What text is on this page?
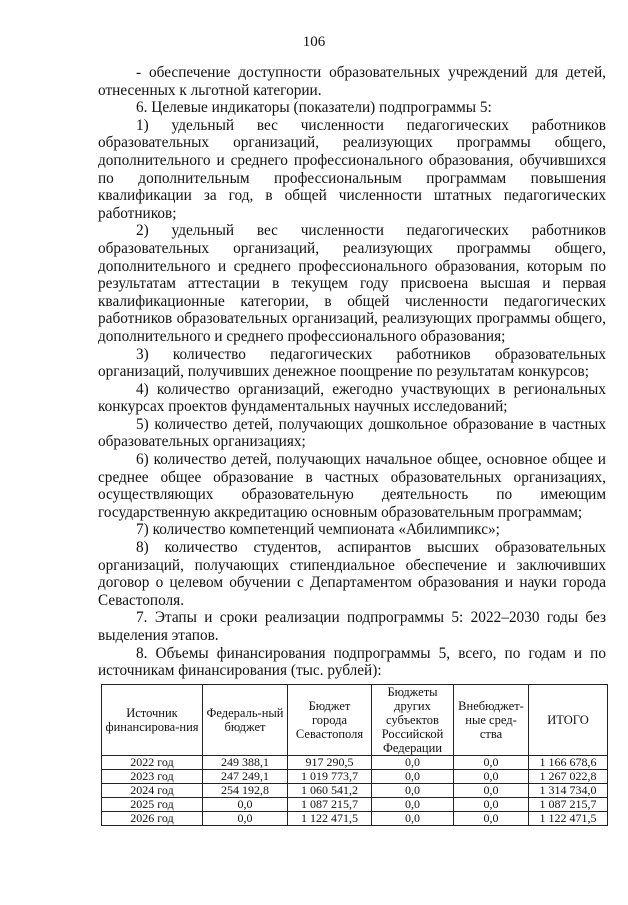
106

- обеспечение доступности образовательных учреждений для детей, отнесенных к льготной категории.

6. Целевые индикаторы (показатели) подпрограммы 5:

1) удельный вес численности педагогических работников образовательных организаций, реализующих программы общего, дополнительного и среднего профессионального образования, обучившихся по дополнительным профессиональным программам повышения квалификации за год, в общей численности штатных педагогических работников;

2) удельный вес численности педагогических работников образовательных организаций, реализующих программы общего, дополнительного и среднего профессионального образования, которым по результатам аттестации в текущем году присвоена высшая и первая квалификационные категории, в общей численности педагогических работников образовательных организаций, реализующих программы общего, дополнительного и среднего профессионального образования;

3) количество педагогических работников образовательных организаций, получивших денежное поощрение по результатам конкурсов;

4) количество организаций, ежегодно участвующих в региональных конкурсах проектов фундаментальных научных исследований;

5) количество детей, получающих дошкольное образование в частных образовательных организациях;

6) количество детей, получающих начальное общее, основное общее и среднее общее образование в частных образовательных организациях, осуществляющих образовательную деятельность по имеющим государственную аккредитацию основным образовательным программам;

7) количество компетенций чемпионата «Абилимпикс»;

8) количество студентов, аспирантов высших образовательных организаций, получающих стипендиальное обеспечение и заключивших договор о целевом обучении с Департаментом образования и науки города Севастополя.

7. Этапы и сроки реализации подпрограммы 5: 2022–2030 годы без выделения этапов.

8. Объемы финансирования подпрограммы 5, всего, по годам и по источникам финансирования (тыс. рублей):

Источник финансирова-ния	Федераль-ный бюджет	Бюджет города Севастополя	Бюджеты других субъектов Российской Федерации	Внебюджет-ные сред-ства	ИТОГО
2022 год	249 388,1	917 290,5	0,0	0,0	1 166 678,6
2023 год	247 249,1	1 019 773,7	0,0	0,0	1 267 022,8
2024 год	254 192,8	1 060 541,2	0,0	0,0	1 314 734,0
2025 год	0,0	1 087 215,7	0,0	0,0	1 087 215,7
2026 год	0,0	1 122 471,5	0,0	0,0	1 122 471,5
